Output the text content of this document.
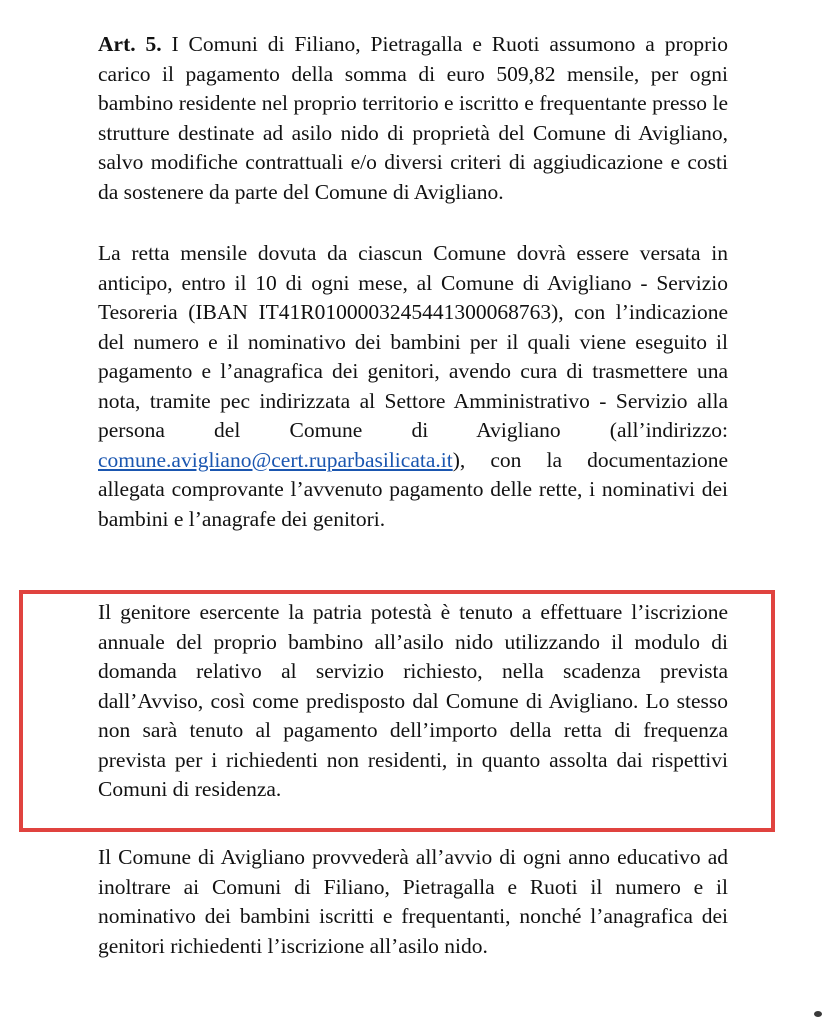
Art. 5. I Comuni di Filiano, Pietragalla e Ruoti assumono a proprio carico il pagamento della somma di euro 509,82 mensile, per ogni bambino residente nel proprio territorio e iscritto e frequentante presso le strutture destinate ad asilo nido di proprietà del Comune di Avigliano, salvo modifiche contrattuali e/o diversi criteri di aggiudicazione e costi da sostenere da parte del Comune di Avigliano.

La retta mensile dovuta da ciascun Comune dovrà essere versata in anticipo, entro il 10 di ogni mese, al Comune di Avigliano - Servizio Tesoreria (IBAN IT41R0100003245441300068763), con l’indicazione del numero e il nominativo dei bambini per il quali viene eseguito il pagamento e l’anagrafica dei genitori, avendo cura di trasmettere una nota, tramite pec indirizzata al Settore Amministrativo - Servizio alla persona del Comune di Avigliano (all’indirizzo: comune.avigliano@cert.ruparbasilicata.it), con la documentazione allegata comprovante l’avvenuto pagamento delle rette, i nominativi dei bambini e l’anagrafe dei genitori.

Il genitore esercente la patria potestà è tenuto a effettuare l’iscrizione annuale del proprio bambino all’asilo nido utilizzando il modulo di domanda relativo al servizio richiesto, nella scadenza prevista dall’Avviso, così come predisposto dal Comune di Avigliano. Lo stesso non sarà tenuto al pagamento dell’importo della retta di frequenza prevista per i richiedenti non residenti, in quanto assolta dai rispettivi Comuni di residenza.

Il Comune di Avigliano provvederà all’avvio di ogni anno educativo ad inoltrare ai Comuni di Filiano, Pietragalla e Ruoti il numero e il nominativo dei bambini iscritti e frequentanti, nonché l’anagrafica dei genitori richiedenti l’iscrizione all’asilo nido.
